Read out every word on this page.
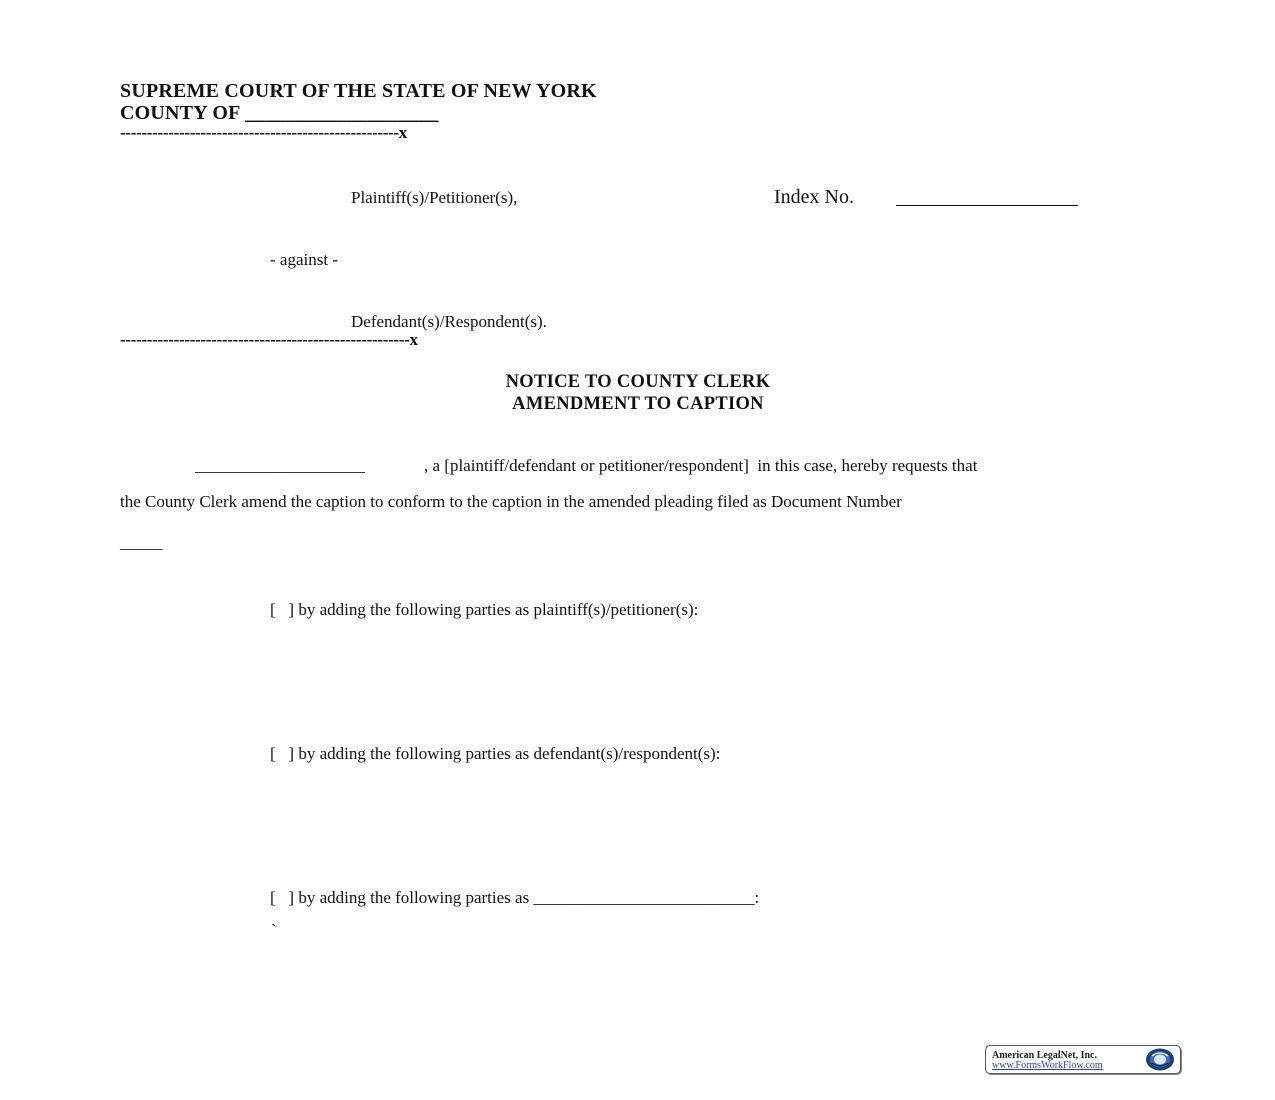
SUPREME COURT OF THE STATE OF NEW YORK
COUNTY OF ___________________
----------------------------------------------------x
Plaintiff(s)/Petitioner(s),	Index No.
- against -
Defendant(s)/Respondent(s).
------------------------------------------------------x
NOTICE TO COUNTY CLERK
AMENDMENT TO CAPTION
____________________	, a [plaintiff/defendant or petitioner/respondent]  in this case, hereby requests that
the County Clerk amend the caption to conform to the caption in the amended pleading filed as Document Number
_____
[   ] by adding the following parties as plaintiff(s)/petitioner(s):
[   ] by adding the following parties as defendant(s)/respondent(s):
[   ] by adding the following parties as __________________________:
`
American LegalNet, Inc.
www.FormsWorkFlow.com
